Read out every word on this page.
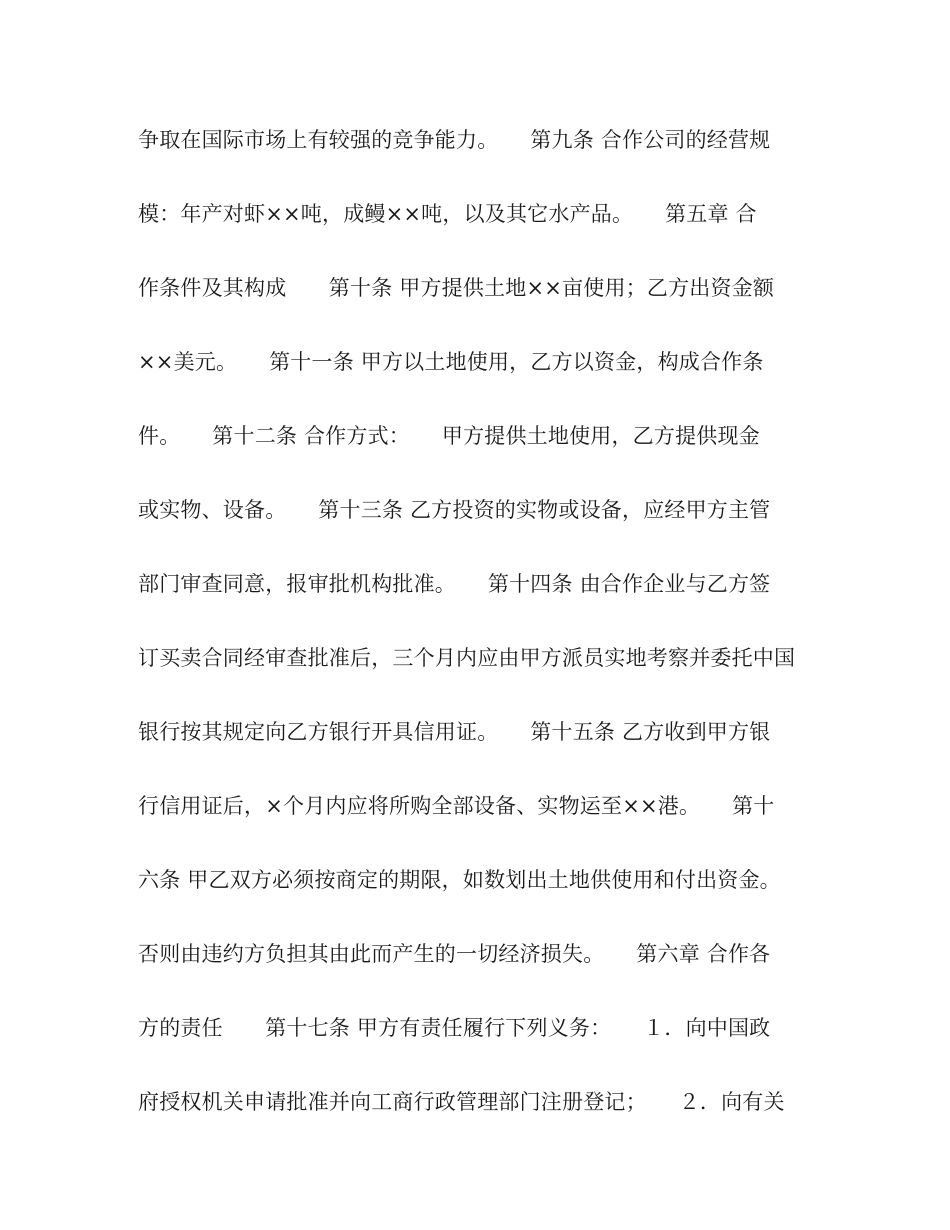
争取在国际市场上有较强的竞争能力。　　第九条 合作公司的经营规
模：年产对虾××吨，成鳗××吨，以及其它水产品。　　第五章 合
作条件及其构成　　第十条 甲方提供土地××亩使用；乙方出资金额
××美元。　　第十一条 甲方以土地使用，乙方以资金，构成合作条
件。　　第十二条 合作方式：　　甲方提供土地使用，乙方提供现金
或实物、设备。　　第十三条 乙方投资的实物或设备，应经甲方主管
部门审查同意，报审批机构批准。　　第十四条 由合作企业与乙方签
订买卖合同经审查批准后，三个月内应由甲方派员实地考察并委托中国
银行按其规定向乙方银行开具信用证。　　第十五条 乙方收到甲方银
行信用证后，×个月内应将所购全部设备、实物运至××港。　　第十
六条 甲乙双方必须按商定的期限，如数划出土地供使用和付出资金。
否则由违约方负担其由此而产生的一切经济损失。　　第六章 合作各
方的责任　　第十七条 甲方有责任履行下列义务：　　１．向中国政
府授权机关申请批准并向工商行政管理部门注册登记；　　２．向有关
